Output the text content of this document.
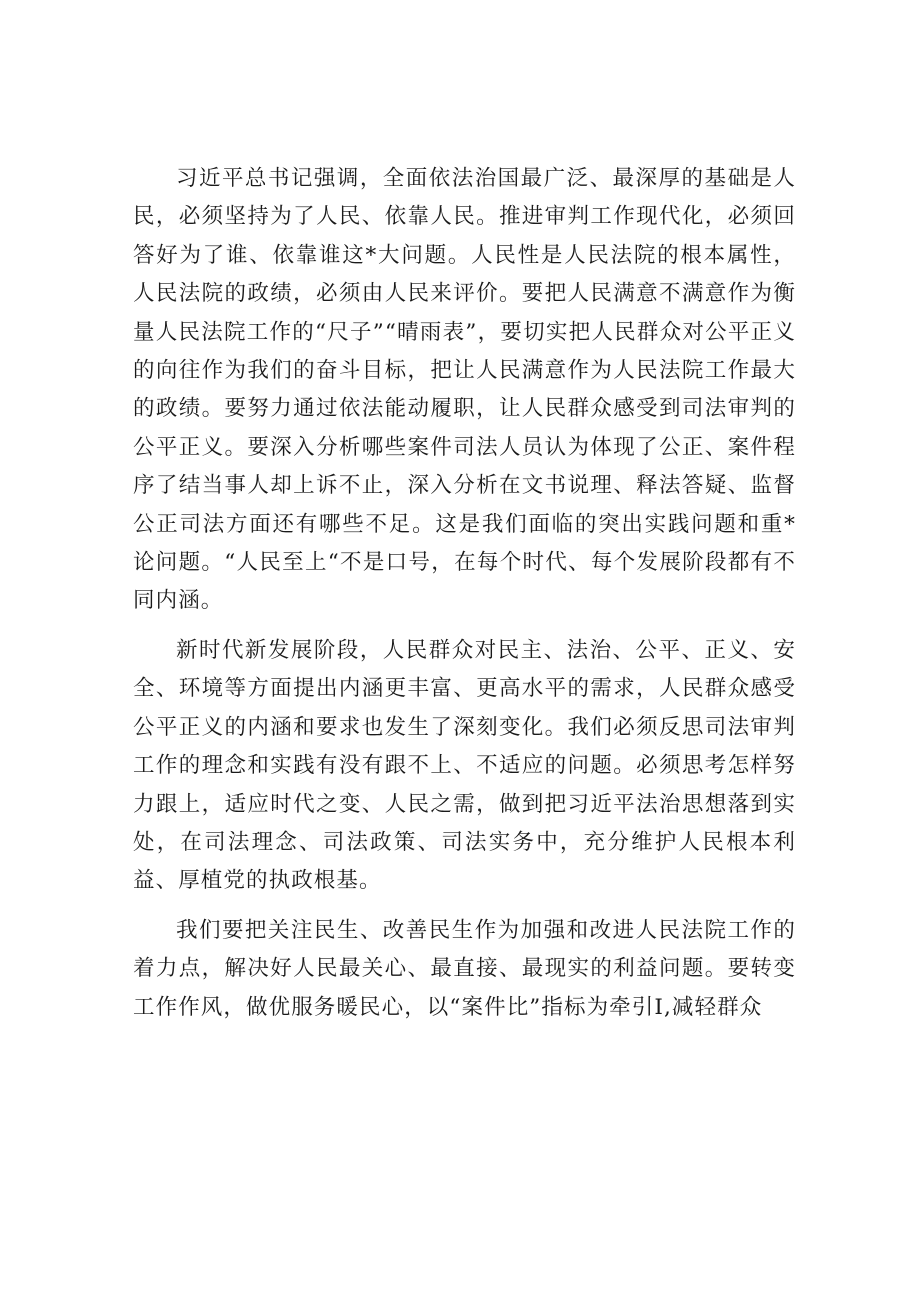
习近平总书记强调，全面依法治国最广泛、最深厚的基础是人民，必须坚持为了人民、依靠人民。推进审判工作现代化，必须回答好为了谁、依靠谁这*大问题。人民性是人民法院的根本属性，人民法院的政绩，必须由人民来评价。要把人民满意不满意作为衡量人民法院工作的“尺子”“晴雨表”，要切实把人民群众对公平正义的向往作为我们的奋斗目标，把让人民满意作为人民法院工作最大的政绩。要努力通过依法能动履职，让人民群众感受到司法审判的公平正义。要深入分析哪些案件司法人员认为体现了公正、案件程序了结当事人却上诉不止，深入分析在文书说理、释法答疑、监督公正司法方面还有哪些不足。这是我们面临的突出实践问题和重*论问题。“人民至上“不是口号，在每个时代、每个发展阶段都有不同内涵。

新时代新发展阶段，人民群众对民主、法治、公平、正义、安全、环境等方面提出内涵更丰富、更高水平的需求，人民群众感受公平正义的内涵和要求也发生了深刻变化。我们必须反思司法审判工作的理念和实践有没有跟不上、不适应的问题。必须思考怎样努力跟上，适应时代之变、人民之需，做到把习近平法治思想落到实处，在司法理念、司法政策、司法实务中，充分维护人民根本利益、厚植党的执政根基。

我们要把关注民生、改善民生作为加强和改进人民法院工作的着力点，解决好人民最关心、最直接、最现实的利益问题。要转变工作作风，做优服务暖民心，以“案件比”指标为牵引I,减轻群众
